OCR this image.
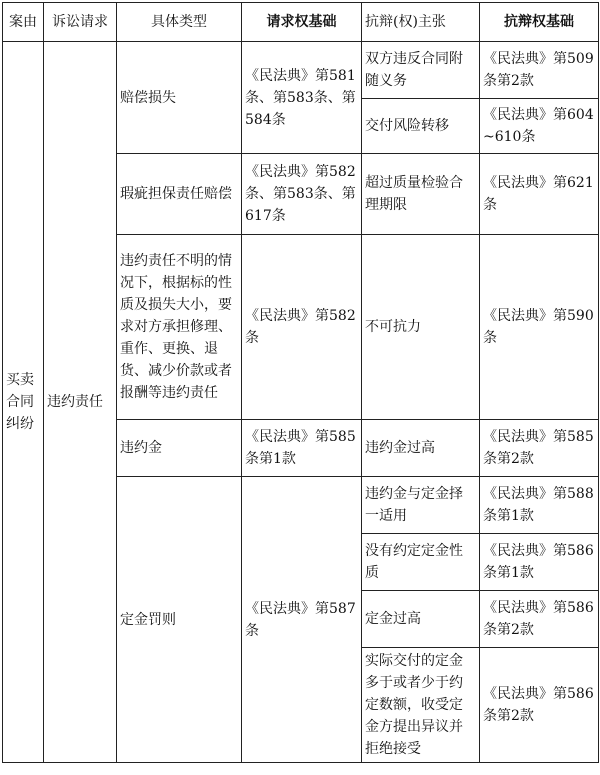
案由	诉讼请求	具体类型	请求权基础	抗辩(权)主张	抗辩权基础
买卖合同纠纷	违约责任	赔偿损失	《民法典》第581条、第583条、第584条	双方违反合同附随义务	《民法典》第509条第2款
				交付风险转移	《民法典》第604~610条
		瑕疵担保责任赔偿	《民法典》第582条、第583条、第617条	超过质量检验合理期限	《民法典》第621条
		违约责任不明的情况下，根据标的性质及损失大小，要求对方承担修理、重作、更换、退货、减少价款或者报酬等违约责任	《民法典》第582条	不可抗力	《民法典》第590条
		违约金	《民法典》第585条第1款	违约金过高	《民法典》第585条第2款
		定金罚则	《民法典》第587条	违约金与定金择一适用	《民法典》第588条第1款
				没有约定定金性质	《民法典》第586条第1款
				定金过高	《民法典》第586条第2款
				实际交付的定金多于或者少于约定数额，收受定金方提出异议并拒绝接受	《民法典》第586条第2款
